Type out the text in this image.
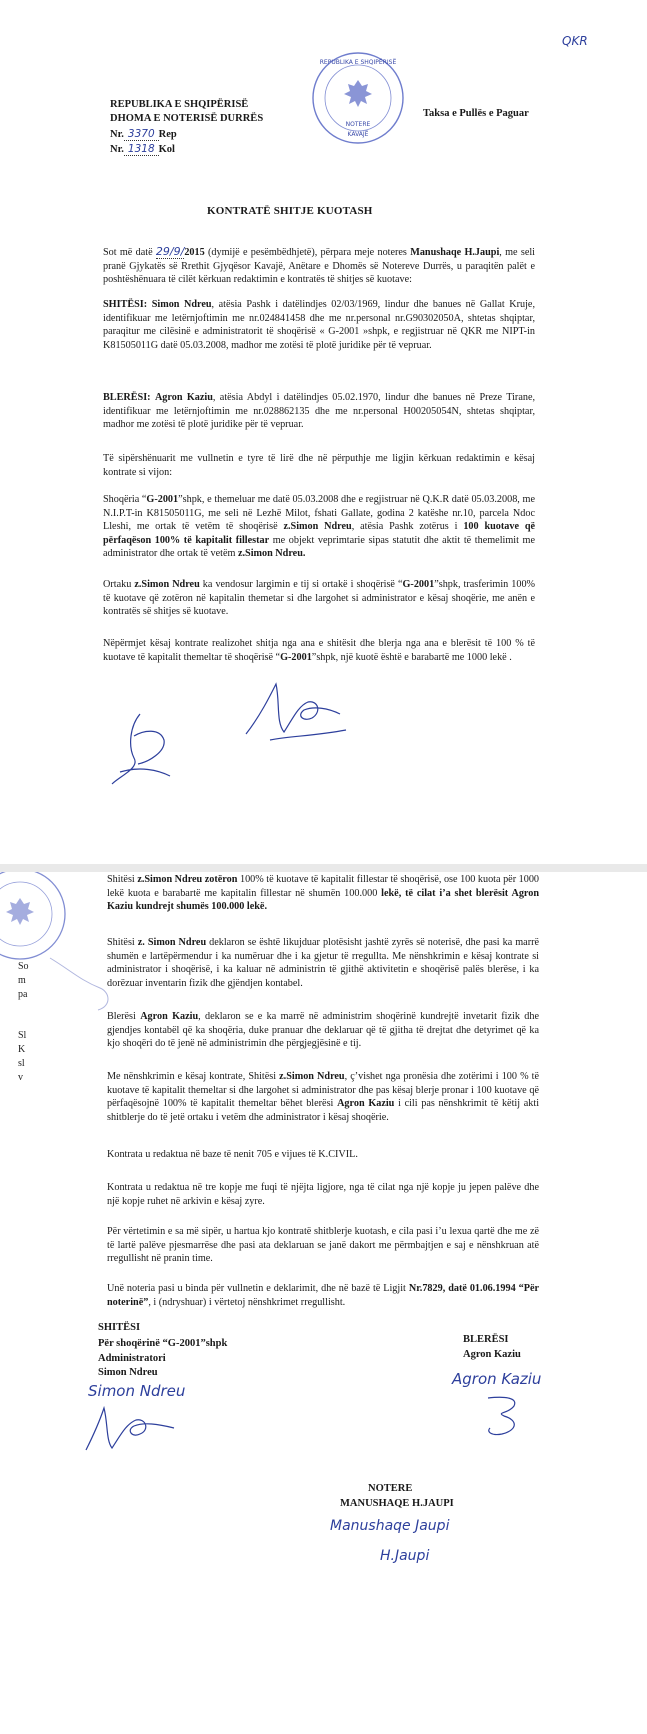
QKR
REPUBLIKA E SHQIPËRISË
NOTERE
KAVAJË
REPUBLIKA E SHQIPËRISË
DHOMA E NOTERISË DURRËS
Nr. 3370 Rep
Nr. 1318 Kol
Taksa e Pullës e Paguar
KONTRATË SHITJE KUOTASH
Sot më datë 29/9/2015 (dymijë e pesëmbëdhjetë), përpara meje noteres Manushaqe H.Jaupi, me seli pranë Gjykatës së Rrethit Gjyqësor Kavajë, Anëtare e Dhomës së Notereve Durrës, u paraqitën palët e poshtëshënuara të cilët kërkuan redaktimin e kontratës të shitjes së kuotave:
SHITËSI: Simon Ndreu, atësia Pashk i datëlindjes 02/03/1969, lindur dhe banues në Gallat Kruje, identifikuar me letërnjoftimin me nr.024841458 dhe me nr.personal nr.G90302050A, shtetas shqiptar, paraqitur me cilësinë e administratorit të shoqërisë « G-2001 »shpk, e regjistruar në QKR me NIPT-in K81505011G datë 05.03.2008, madhor me zotësi të plotë juridike për të vepruar.
BLERËSI: Agron Kaziu, atësia Abdyl i datëlindjes 05.02.1970, lindur dhe banues në Preze Tirane, identifikuar me letërnjoftimin me nr.028862135 dhe me nr.personal H00205054N, shtetas shqiptar, madhor me zotësi të plotë juridike për të vepruar.
Të sipërshënuarit me vullnetin e tyre të lirë dhe në përputhje me ligjin kërkuan redaktimin e kësaj kontrate si vijon:
Shoqëria “G-2001”shpk, e themeluar me datë 05.03.2008 dhe e regjistruar në Q.K.R datë 05.03.2008, me N.I.P.T-in K81505011G, me seli në Lezhë Milot, fshati Gallate, godina 2 katëshe nr.10, parcela Ndoc Lleshi, me ortak të vetëm të shoqërisë z.Simon Ndreu, atësia Pashk zotërus i 100 kuotave që përfaqëson 100% të kapitalit fillestar me objekt veprimtarie sipas statutit dhe aktit të themelimit me administrator dhe ortak të vetëm z.Simon Ndreu.
Ortaku z.Simon Ndreu ka vendosur largimin e tij si ortakë i shoqërisë “G-2001”shpk, trasferimin 100% të kuotave që zotëron në kapitalin themetar si dhe largohet si administrator e kësaj shoqërie, me anën e kontratës së shitjes së kuotave.
Nëpërmjet kësaj kontrate realizohet shitja nga ana e shitësit dhe blerja nga ana e blerësit të 100 % të kuotave të kapitalit themeltar të shoqërisë “G-2001”shpk, një kuotë është e barabartë me 1000 lekë .
So
m
pa
Sl
K
sl
v
Shitësi z.Simon Ndreu zotëron 100% të kuotave të kapitalit fillestar të shoqërisë, ose 100 kuota për 1000 lekë kuota e barabartë me kapitalin fillestar në shumën 100.000 lekë, të cilat i’a shet blerësit Agron Kaziu kundrejt shumës 100.000 lekë.
Shitësi z. Simon Ndreu deklaron se është likujduar plotësisht jashtë zyrës së noterisë, dhe pasi ka marrë shumën e lartëpërmendur i ka numëruar dhe i ka gjetur të rregullta. Me nënshkrimin e kësaj kontrate si administrator i shoqërisë, i ka kaluar në administrin të gjithë aktivitetin e shoqërisë palës blerëse, i ka dorëzuar inventarin fizik dhe gjëndjen kontabel.
Blerësi Agron Kaziu, deklaron se e ka marrë në administrim shoqërinë kundrejtë invetarit fizik dhe gjendjes kontabël që ka shoqëria, duke pranuar dhe deklaruar që të gjitha të drejtat dhe detyrimet që ka kjo shoqëri do të jenë në administrimin dhe përgjegjësinë e tij.
Me nënshkrimin e kësaj kontrate, Shitësi z.Simon Ndreu, ç’vishet nga pronësia dhe zotërimi i 100 % të kuotave të kapitalit themeltar si dhe largohet si administrator dhe pas kësaj blerje pronar i 100 kuotave që përfaqësojnë 100% të kapitalit themeltar bëhet blerësi Agron Kaziu i cili pas nënshkrimit të këtij akti shitblerje do të jetë ortaku i vetëm dhe administrator i kësaj shoqërie.
Kontrata u redaktua në baze të nenit 705 e vijues të K.CIVIL.
Kontrata u redaktua në tre kopje me fuqi të njëjta ligjore, nga të cilat nga një kopje ju jepen palëve dhe një kopje ruhet në arkivin e kësaj zyre.
Për vërtetimin e sa më sipër, u hartua kjo kontratë shitblerje kuotash, e cila pasi i’u lexua qartë dhe me zë të lartë palëve pjesmarrëse dhe pasi ata deklaruan se janë dakort me përmbajtjen e saj e nënshkruan atë rregullisht në pranin time.
Unë noteria pasi u binda për vullnetin e deklarimit, dhe në bazë të Ligjit Nr.7829, datë 01.06.1994 “Për noterinë”, i (ndryshuar) i vërtetoj nënshkrimet rregullisht.
SHITËSI
Për shoqërinë “G-2001”shpk
Administratori
Simon Ndreu
Simon Ndreu
BLERËSI
Agron Kaziu
Agron Kaziu
NOTERE
MANUSHAQE H.JAUPI
Manushaqe Jaupi
H.Jaupi
